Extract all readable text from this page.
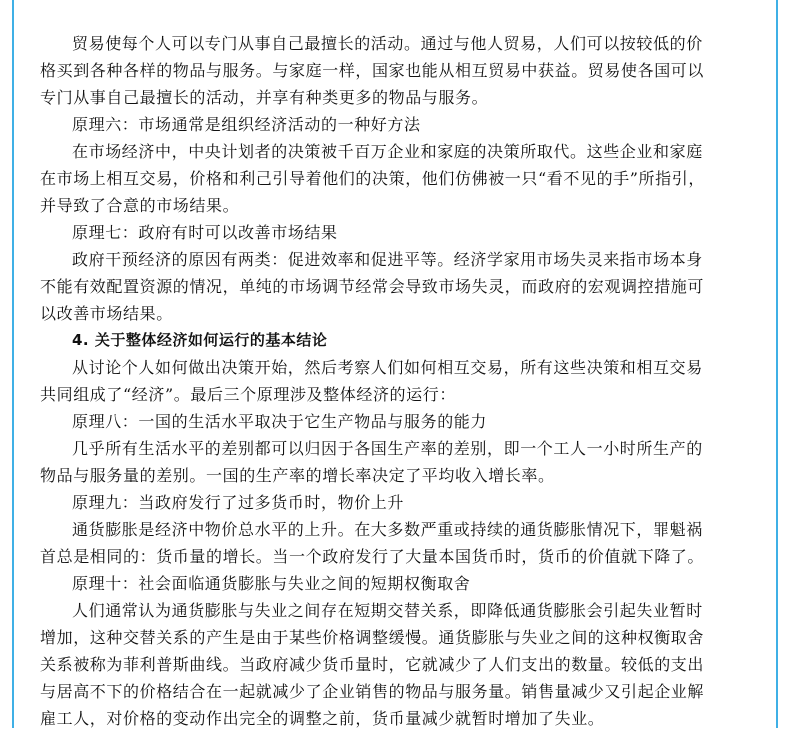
贸易使每个人可以专门从事自己最擅长的活动。通过与他人贸易，人们可以按较低的价
格买到各种各样的物品与服务。与家庭一样，国家也能从相互贸易中获益。贸易使各国可以
专门从事自己最擅长的活动，并享有种类更多的物品与服务。
原理六：市场通常是组织经济活动的一种好方法
在市场经济中，中央计划者的决策被千百万企业和家庭的决策所取代。这些企业和家庭
在市场上相互交易，价格和利己引导着他们的决策，他们仿佛被一只“看不见的手”所指引，
并导致了合意的市场结果。
原理七：政府有时可以改善市场结果
政府干预经济的原因有两类：促进效率和促进平等。经济学家用市场失灵来指市场本身
不能有效配置资源的情况，单纯的市场调节经常会导致市场失灵，而政府的宏观调控措施可
以改善市场结果。
4. 关于整体经济如何运行的基本结论
从讨论个人如何做出决策开始，然后考察人们如何相互交易，所有这些决策和相互交易
共同组成了“经济”。最后三个原理涉及整体经济的运行：
原理八：一国的生活水平取决于它生产物品与服务的能力
几乎所有生活水平的差别都可以归因于各国生产率的差别，即一个工人一小时所生产的
物品与服务量的差别。一国的生产率的增长率决定了平均收入增长率。
原理九：当政府发行了过多货币时，物价上升
通货膨胀是经济中物价总水平的上升。在大多数严重或持续的通货膨胀情况下，罪魁祸
首总是相同的：货币量的增长。当一个政府发行了大量本国货币时，货币的价值就下降了。
原理十：社会面临通货膨胀与失业之间的短期权衡取舍
人们通常认为通货膨胀与失业之间存在短期交替关系，即降低通货膨胀会引起失业暂时
增加，这种交替关系的产生是由于某些价格调整缓慢。通货膨胀与失业之间的这种权衡取舍
关系被称为菲利普斯曲线。当政府减少货币量时，它就减少了人们支出的数量。较低的支出
与居高不下的价格结合在一起就减少了企业销售的物品与服务量。销售量减少又引起企业解
雇工人，对价格的变动作出完全的调整之前，货币量减少就暂时增加了失业。
